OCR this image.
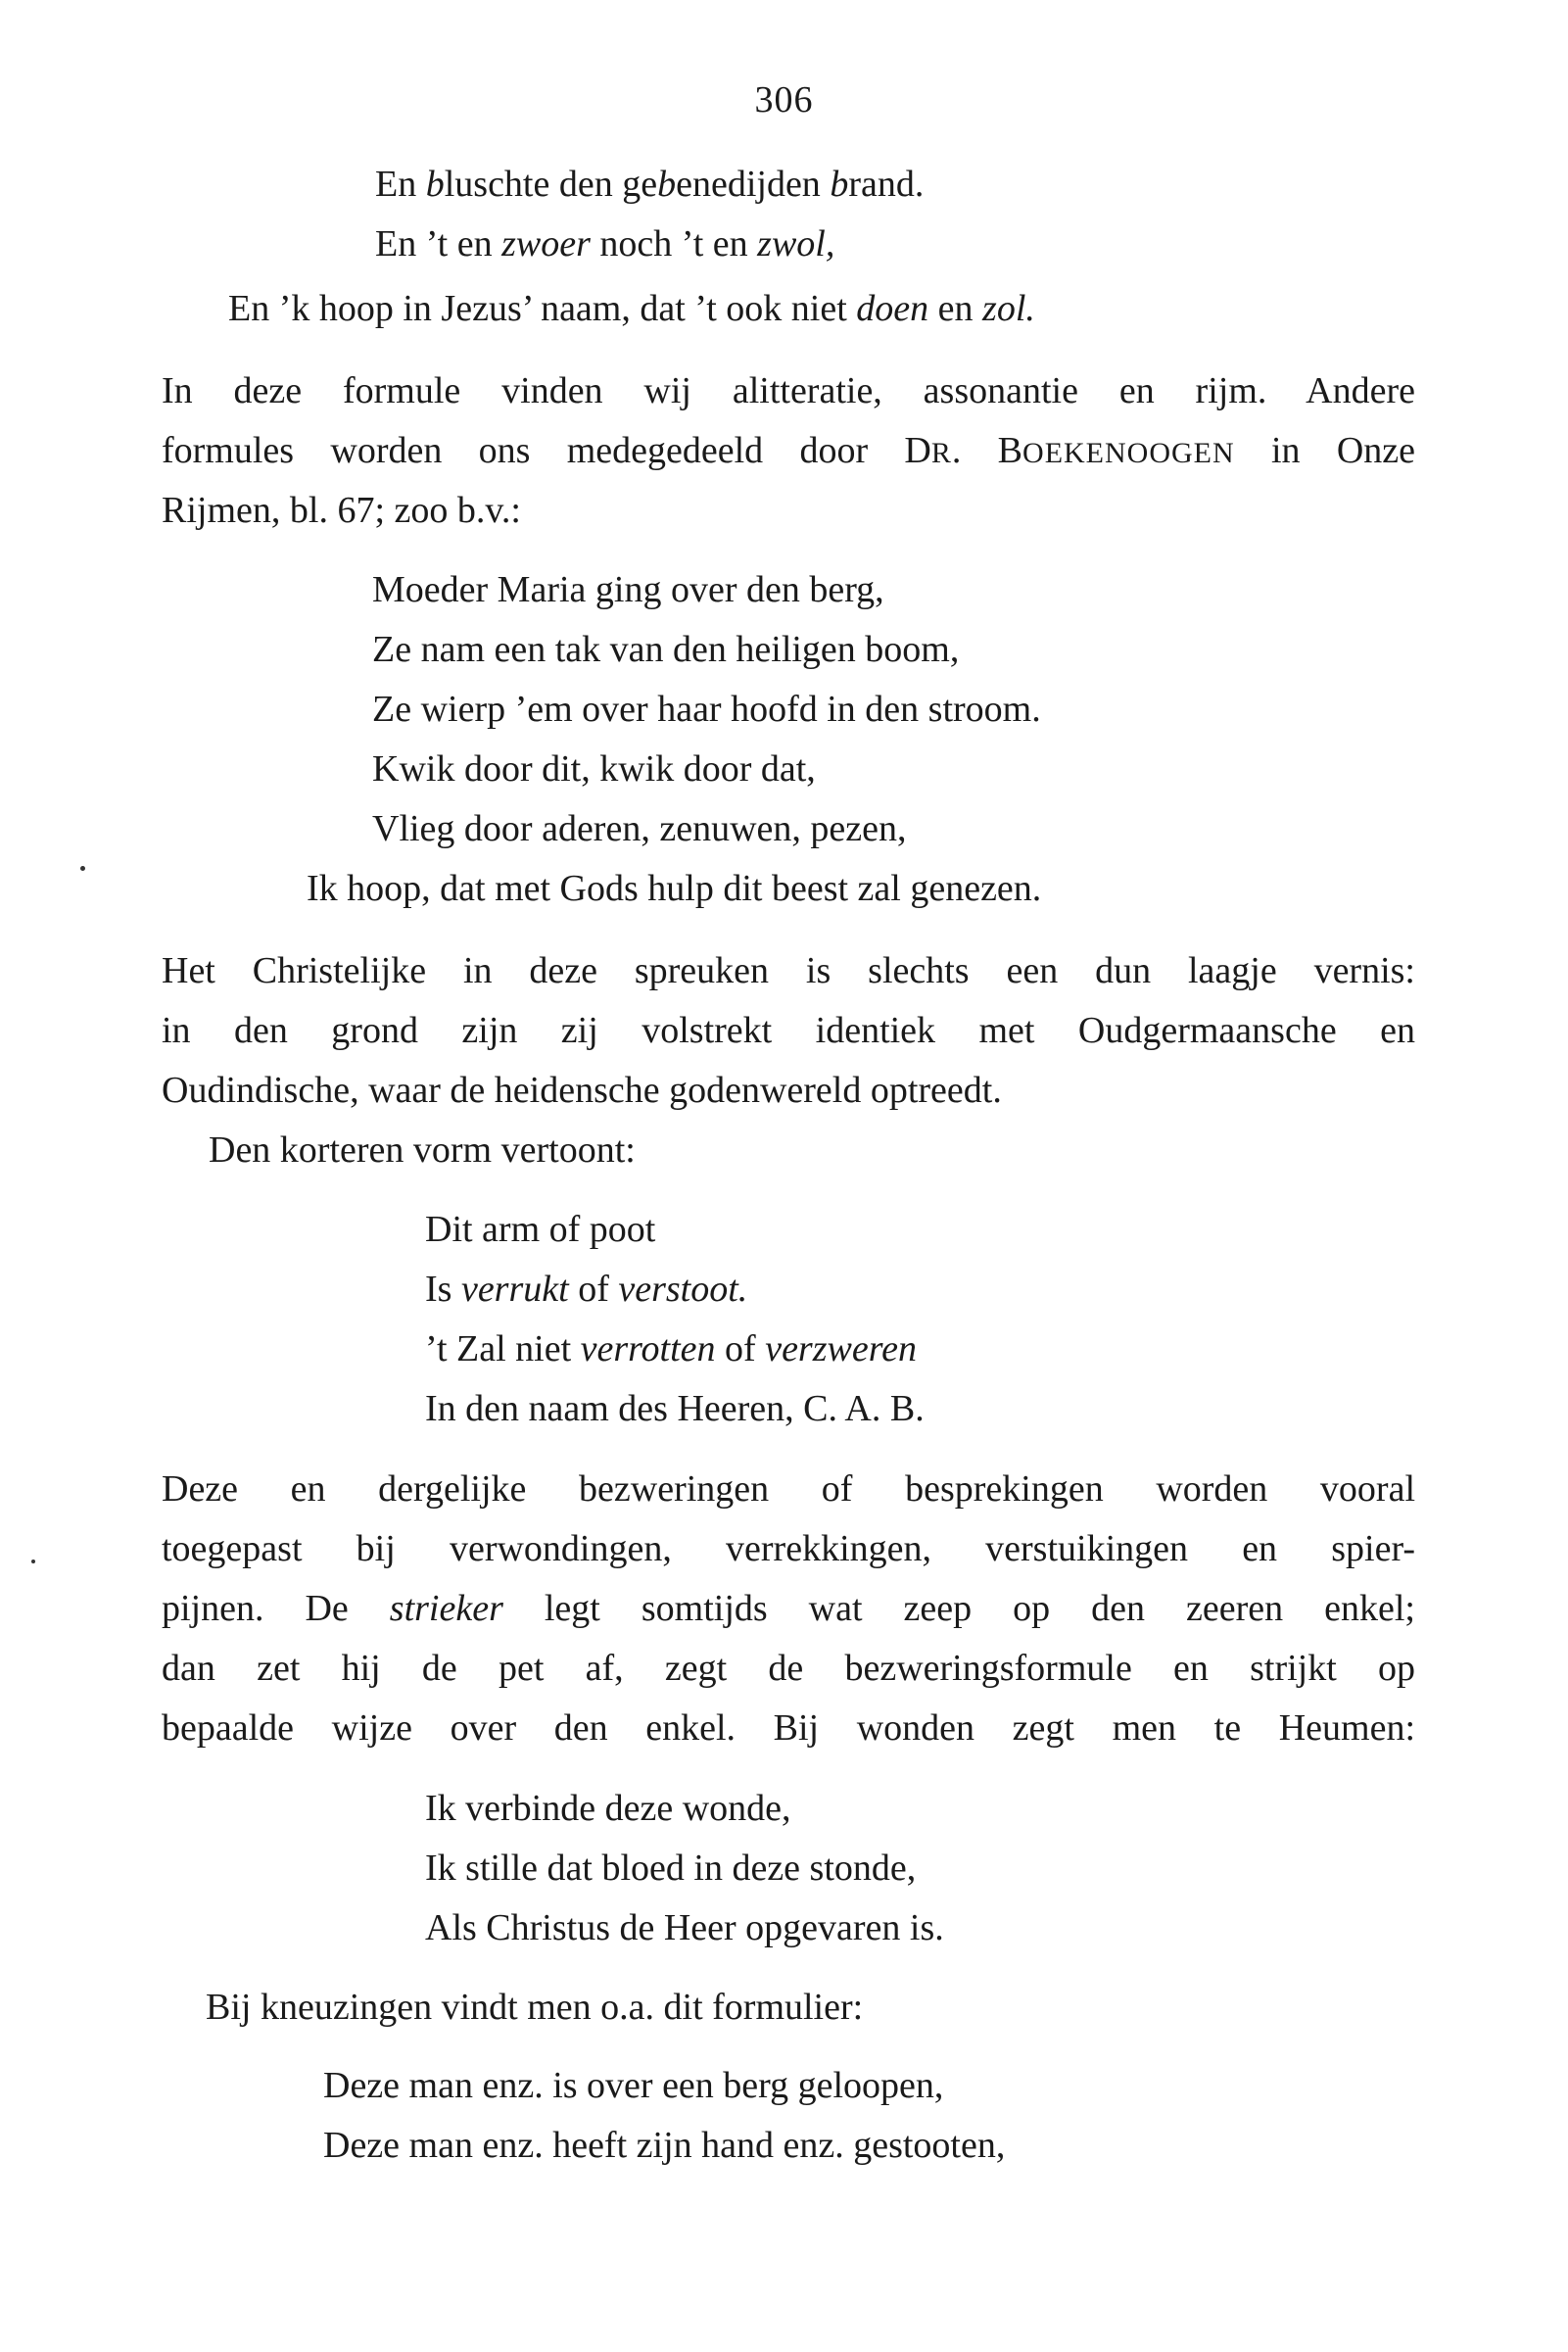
306
En bluschte den gebenedijden brand.
En ’t en zwoer noch ’t en zwol,
En ’k hoop in Jezus’ naam, dat ’t ook niet doen en zol.
In deze formule vinden wij alitteratie, assonantie en rijm. Andere
formules worden ons medegedeeld door DR. BOEKENOOGEN in Onze
Rijmen, bl. 67; zoo b.v.:
Moeder Maria ging over den berg,
Ze nam een tak van den heiligen boom,
Ze wierp ’em over haar hoofd in den stroom.
Kwik door dit, kwik door dat,
Vlieg door aderen, zenuwen, pezen,
Ik hoop, dat met Gods hulp dit beest zal genezen.
Het Christelijke in deze spreuken is slechts een dun laagje vernis:
in den grond zijn zij volstrekt identiek met Oudgermaansche en
Oudindische, waar de heidensche godenwereld optreedt.
Den korteren vorm vertoont:
Dit arm of poot
Is verrukt of verstoot.
’t Zal niet verrotten of verzweren
In den naam des Heeren, C. A. B.
Deze en dergelijke bezweringen of besprekingen worden vooral
toegepast bij verwondingen, verrekkingen, verstuikingen en spier-
pijnen. De strieker legt somtijds wat zeep op den zeeren enkel;
dan zet hij de pet af, zegt de bezweringsformule en strijkt op
bepaalde wijze over den enkel. Bij wonden zegt men te Heumen:
Ik verbinde deze wonde,
Ik stille dat bloed in deze stonde,
Als Christus de Heer opgevaren is.
Bij kneuzingen vindt men o.a. dit formulier:
Deze man enz. is over een berg geloopen,
Deze man enz. heeft zijn hand enz. gestooten,
